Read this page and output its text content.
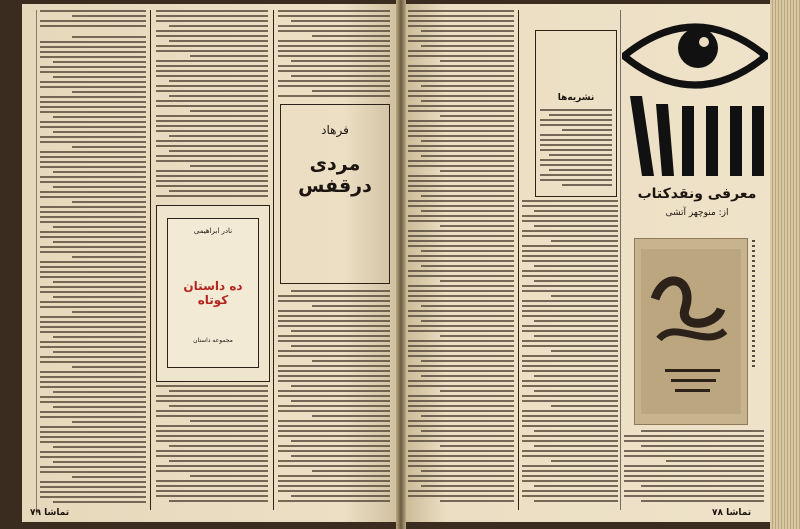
فرهاد
مردی درقفس
نادر ابراهیمی
ده داستان کوتاه
مجموعه داستان
تماشا ۷۹
نشریه‌ها
معرفی ونقدکتاب
از: منوچهر آتشی
تماشا ۷۸
